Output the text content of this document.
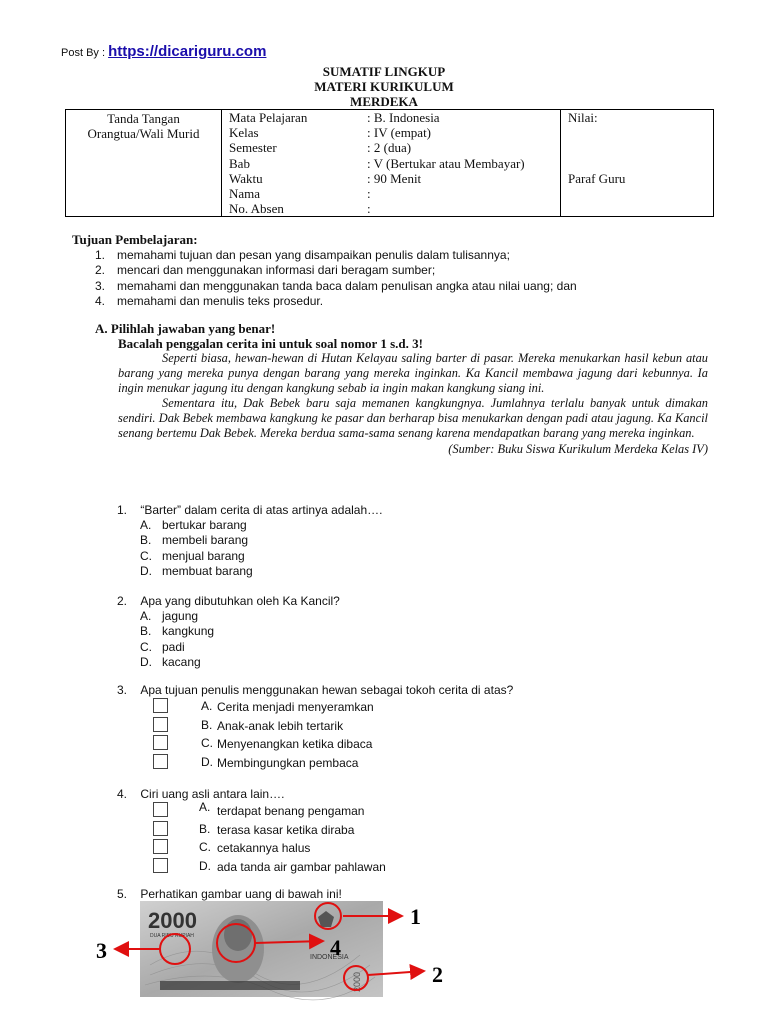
Post By : https://dicariguru.com
SUMATIF LINGKUP
MATERI KURIKULUM
MERDEKA
Tanda Tangan
Orangtua/Wali Murid

Mata Pelajaran	: B. Indonesia
Kelas	: IV (empat)
Semester	: 2 (dua)
Bab	: V (Bertukar atau Membayar)
Waktu	: 90 Menit
Nama	:
No. Absen	:

Nilai:
Paraf Guru
Tujuan Pembelajaran:
1. memahami tujuan dan pesan yang disampaikan penulis dalam tulisannya;
2. mencari dan menggunakan informasi dari beragam sumber;
3. memahami dan menggunakan tanda baca dalam penulisan angka atau nilai uang; dan
4. memahami dan menulis teks prosedur.
A. Pilihlah jawaban yang benar!
Bacalah penggalan cerita ini untuk soal nomor 1 s.d. 3!

Seperti biasa, hewan-hewan di Hutan Kelayau saling barter di pasar. Mereka menukarkan hasil kebun atau barang yang mereka punya dengan barang yang mereka inginkan. Ka Kancil membawa jagung dari kebunnya. Ia ingin menukar jagung itu dengan kangkung sebab ia ingin makan kangkung siang ini.

Sementara itu, Dak Bebek baru saja memanen kangkungnya. Jumlahnya terlalu banyak untuk dimakan sendiri. Dak Bebek membawa kangkung ke pasar dan berharap bisa menukarkan dengan padi atau jagung. Ka Kancil senang bertemu Dak Bebek. Mereka berdua sama-sama senang karena mendapatkan barang yang mereka inginkan.

(Sumber: Buku Siswa Kurikulum Merdeka Kelas IV)

1. “Barter” dalam cerita di atas artinya adalah….
A. bertukar barang
B. membeli barang
C. menjual barang
D. membuat barang
2. Apa yang dibutuhkan oleh Ka Kancil?
A. jagung
B. kangkung
C. padi
D. kacang
3. Apa tujuan penulis menggunakan hewan sebagai tokoh cerita di atas?
A. Cerita menjadi menyeramkan
B. Anak-anak lebih tertarik
C. Menyenangkan ketika dibaca
D. Membingungkan pembaca
4. Ciri uang asli antara lain….
A. terdapat benang pengaman
B. terasa kasar ketika diraba
C. cetakannya halus
D. ada tanda air gambar pahlawan
5. Perhatikan gambar uang di bawah ini!
2000
DUA RIBU RUPIAH
INDONESIA
2000
1
2
3	4
